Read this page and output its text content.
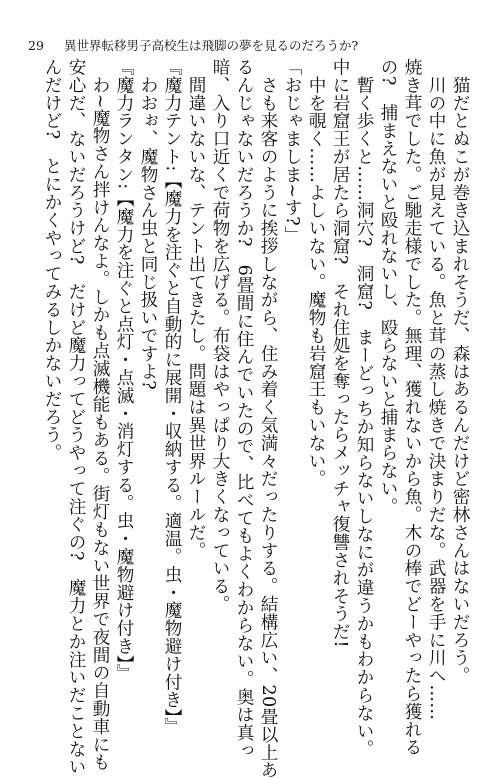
29 異世界転移男子高校生は飛脚の夢を見るのだろうか?
　猫だとぬこが巻き込まれそうだ、森はあるんだけど密林さんはないだろう。
　川の中に魚が見えている。魚と茸の蒸し焼きで決まりだな。武器を手に川へ……
焼き茸でした。ご馳走様でした。無理、獲れないから魚。木の棒でどーやったら獲れる
の?　捕まえないと殴れないし、殴らないと捕まらない。
　暫く歩くと……洞穴?　洞窟?　まーどっちか知らないしなにが違うかもわからない。
中に岩窟王が居たら洞窟?　それ住処を奪ったらメッチャ復讐されそうだ!
　中を覗く……よしいない。魔物も岩窟王もいない。
「おじゃましま~す?」
　さも来客のように挨拶しながら、住み着く気満々だったりする。結構広い、20畳以上あ
るんじゃないだろうか?　6畳間に住んでいたので、比べてもよくわからない。奥は真っ
暗、入り口近くで荷物を広げる。布袋はやっぱり大きくなっている。
　間違いないな、テント出てきたし。問題は異世界ルールだ。
『魔力テント:【魔力を注ぐと自動的に展開・収納する。適温。虫・魔物避け付き】』
　わおぉ、魔物さん虫と同じ扱いですよ?
『魔力ランタン:【魔力を注ぐと点灯・点滅・消灯する。虫・魔物避け付き】』
　わ~魔物さん拌けんなよ。しかも点滅機能もある。街灯もない世界で夜間の自動車にも
安心だ、ないだろうけど?　だけど魔力ってどうやって注ぐの?　魔力とか注いだことない
んだけど?　とにかくやってみるしかないだろう。
